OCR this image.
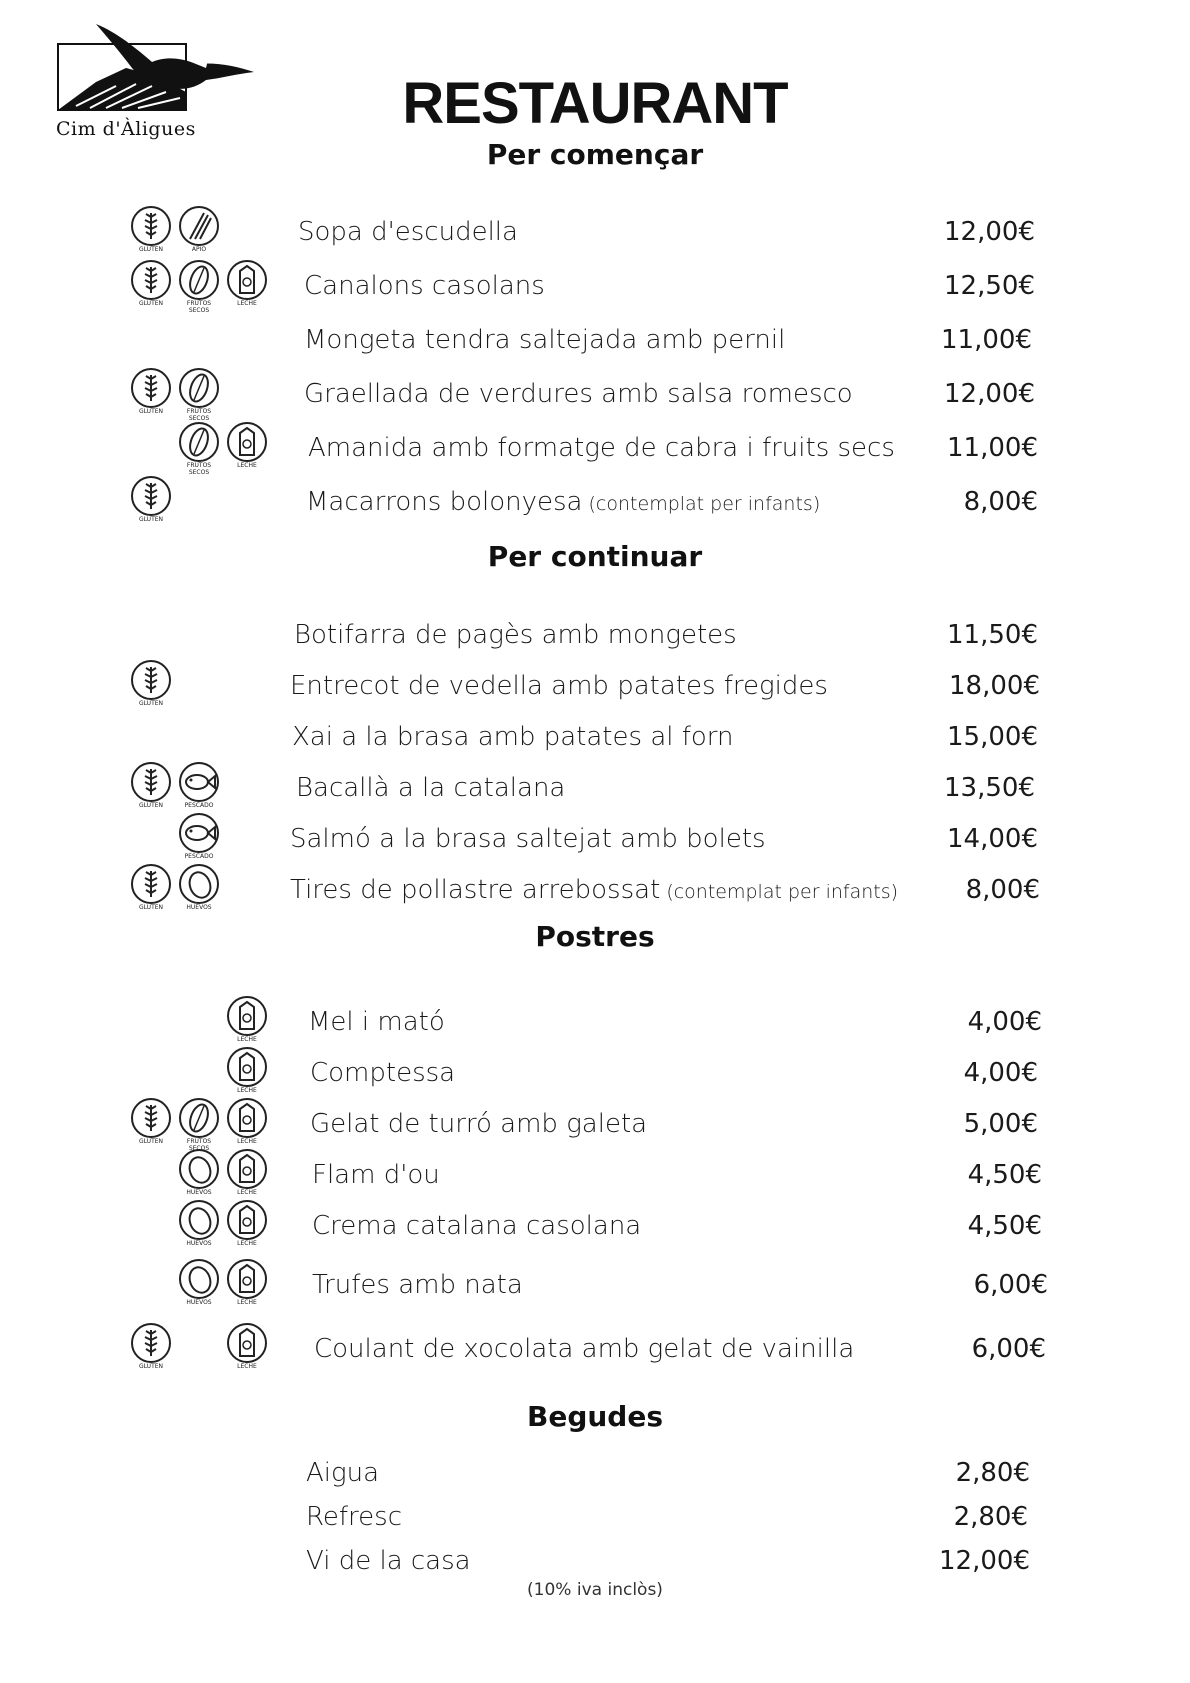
Cim d'Àligues	RESTAURANT
Per començar
GLUTEN	APIO
Sopa d'escudella	12,00€
GLUTEN	FRUTOS SECOS
LECHE
Canalons casolans	12,50€
Mongeta tendra saltejada amb pernil	11,00€
GLUTEN	FRUTOS SECOS
Graellada de verdures amb salsa romesco	12,00€
FRUTOS SECOS
LECHE
Amanida amb formatge de cabra i fruits secs	11,00€
GLUTEN
Macarrons bolonyesa (contemplat per infants)	8,00€
Per continuar
Botifarra de pagès amb mongetes	11,50€
GLUTEN
Entrecot de vedella amb patates fregides	18,00€
Xai a la brasa amb patates al forn	15,00€
GLUTEN	PESCADO
Bacallà a la catalana	13,50€
PESCADO
Salmó a la brasa saltejat amb bolets	14,00€
GLUTEN	HUEVOS
Tires de pollastre arrebossat (contemplat per infants)	8,00€
Postres
LECHE
Mel i mató	4,00€
LECHE
Comptessa	4,00€
GLUTEN	FRUTOS SECOS
LECHE
Gelat de turró amb galeta	5,00€
HUEVOS	LECHE
Flam d'ou	4,50€
HUEVOS	LECHE
Crema catalana casolana	4,50€
HUEVOS	LECHE
Trufes amb nata	6,00€
GLUTEN	LECHE
Coulant de xocolata amb gelat de vainilla	6,00€
Begudes
Aigua	2,80€
Refresc	2,80€
Vi de la casa	12,00€
(10% iva inclòs)
